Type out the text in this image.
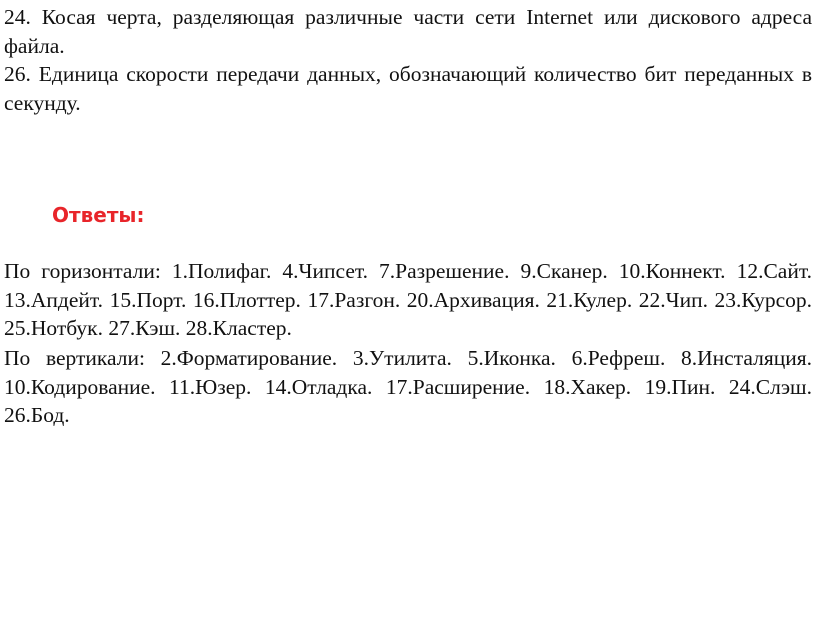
24. Косая черта, разделяющая различные части сети Internet или дискового адреса файла.

26. Единица скорости передачи данных, обозначающий количество бит переданных в секунду.

Ответы:

По горизонтали: 1.Полифаг. 4.Чипсет. 7.Разрешение. 9.Сканер. 10.Коннект. 12.Сайт. 13.Апдейт. 15.Порт. 16.Плоттер. 17.Разгон. 20.Архивация. 21.Кулер. 22.Чип. 23.Курсор. 25.Нотбук. 27.Кэш. 28.Кластер.

По вертикали: 2.Форматирование. 3.Утилита. 5.Иконка. 6.Рефреш. 8.Инсталяция. 10.Кодирование. 11.Юзер. 14.Отладка. 17.Расширение. 18.Хакер. 19.Пин. 24.Слэш. 26.Бод.
